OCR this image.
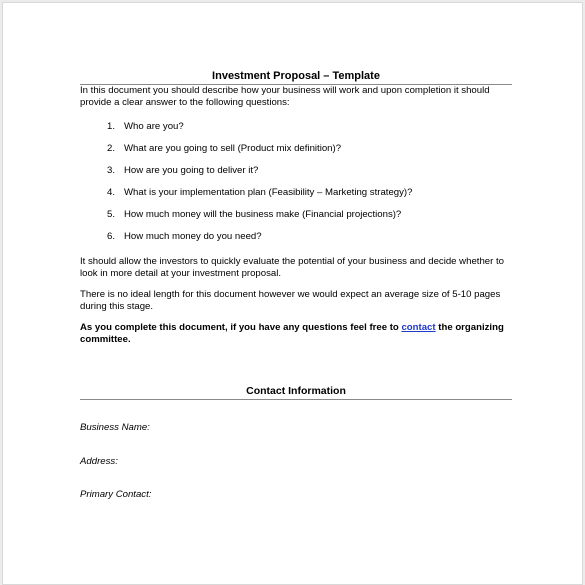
Investment Proposal – Template
In this document you should describe how your business will work and upon completion it should provide a clear answer to the following questions:
1. Who are you?
2. What are you going to sell (Product mix definition)?
3. How are you going to deliver it?
4. What is your implementation plan (Feasibility – Marketing strategy)?
5. How much money will the business make (Financial projections)?
6. How much money do you need?
It should allow the investors to quickly evaluate the potential of your business and decide whether to look in more detail at your investment proposal.
There is no ideal length for this document however we would expect an average size of 5-10 pages during this stage.
As you complete this document, if you have any questions feel free to contact the organizing committee.
Contact Information
Business Name:
Address:
Primary Contact:
